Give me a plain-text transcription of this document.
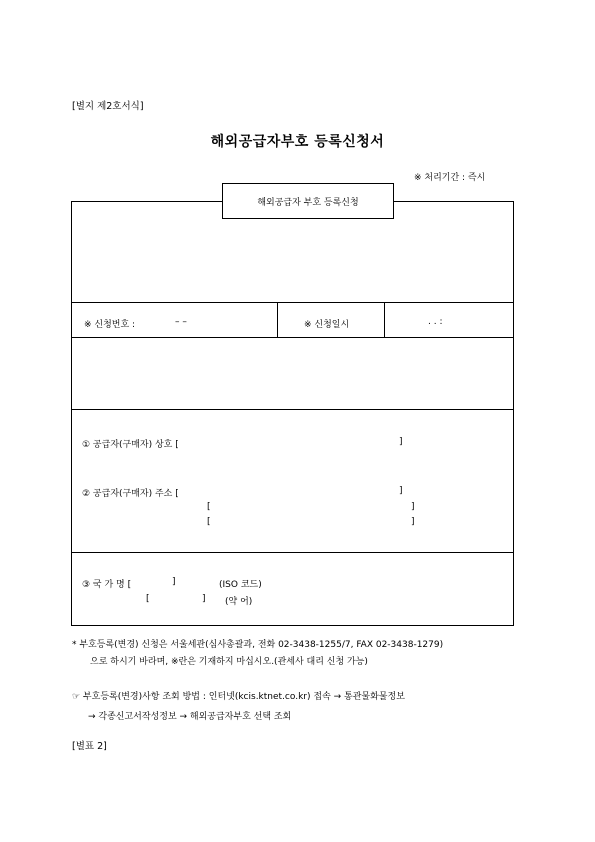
[별지 제2호서식]
해외공급자부호 등록신청서
※ 처리기간 : 즉시
해외공급자 부호 등록신청
※ 신청번호 :	– –	※ 신청일시	. . :
① 공급자(구매자) 상호 [	]
② 공급자(구매자) 주소 [	]
[	]
[	]
③ 국 가 명 [	]	(ISO 코드)
[	] (약 어)
* 부호등록(변경) 신청은 서울세관(심사총괄과, 전화 02-3438-1255/7, FAX 02-3438-1279)
으로 하시기 바라며, ※란은 기재하지 마십시오.(관세사 대리 신청 가능)
☞ 부호등록(변경)사항 조회 방법 : 인터넷(kcis.ktnet.co.kr) 접속 → 통관물화물정보
→ 각종신고서작성정보 → 해외공급자부호 선택 조회
[별표 2]
